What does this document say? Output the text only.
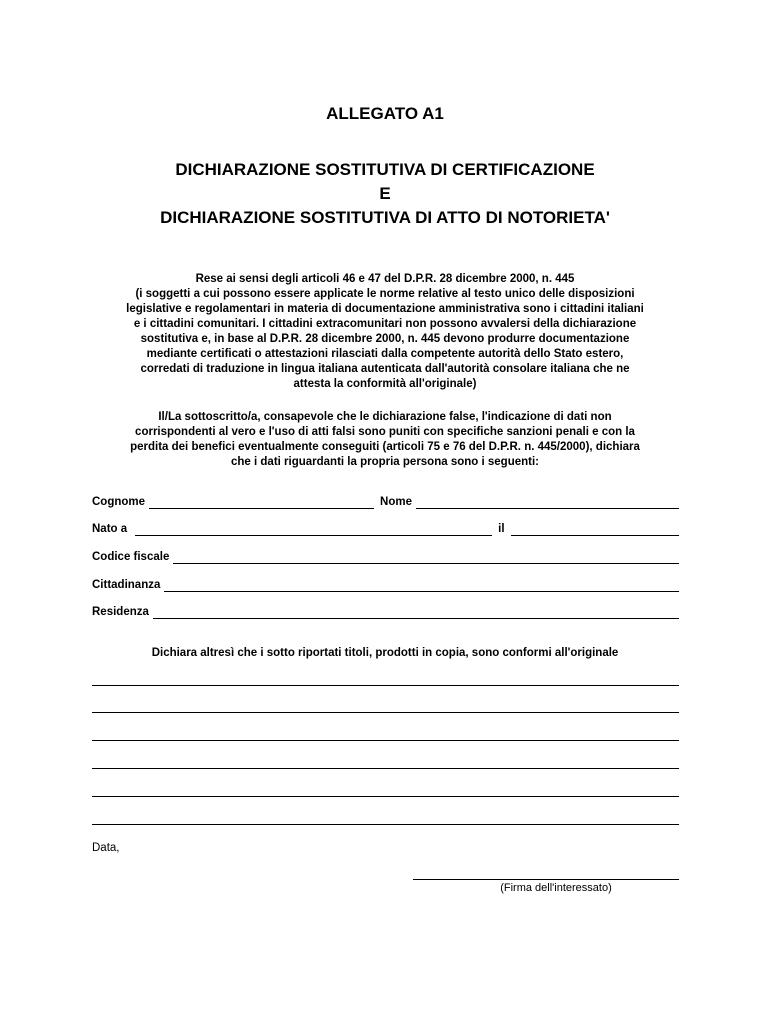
ALLEGATO A1

DICHIARAZIONE SOSTITUTIVA DI CERTIFICAZIONE
E
DICHIARAZIONE SOSTITUTIVA DI ATTO DI NOTORIETA'
Rese ai sensi degli articoli 46 e 47 del D.P.R. 28 dicembre 2000, n. 445
(i soggetti a cui possono essere applicate le norme relative al testo unico delle disposizioni
legislative e regolamentari in materia di documentazione amministrativa sono i cittadini italiani
e i cittadini comunitari. I cittadini extracomunitari non possono avvalersi della dichiarazione
sostitutiva e, in base al D.P.R. 28 dicembre 2000, n. 445 devono produrre documentazione
mediante certificati o attestazioni rilasciati dalla competente autorità dello Stato estero,
corredati di traduzione in lingua italiana autenticata dall'autorità consolare italiana che ne
attesta la conformità all'originale)
Il/La sottoscritto/a, consapevole che le dichiarazione false, l'indicazione di dati non
corrispondenti al vero e l'uso di atti falsi sono puniti con specifiche sanzioni penali e con la
perdita dei benefici eventualmente conseguiti (articoli 75 e 76 del D.P.R. n. 445/2000), dichiara
che i dati riguardanti la propria persona sono i seguenti:
Cognome	Nome
Nato a	il
Codice fiscale
Cittadinanza
Residenza
Dichiara altresì che i sotto riportati titoli, prodotti in copia, sono conformi all'originale
Data,
(Firma dell'interessato)
